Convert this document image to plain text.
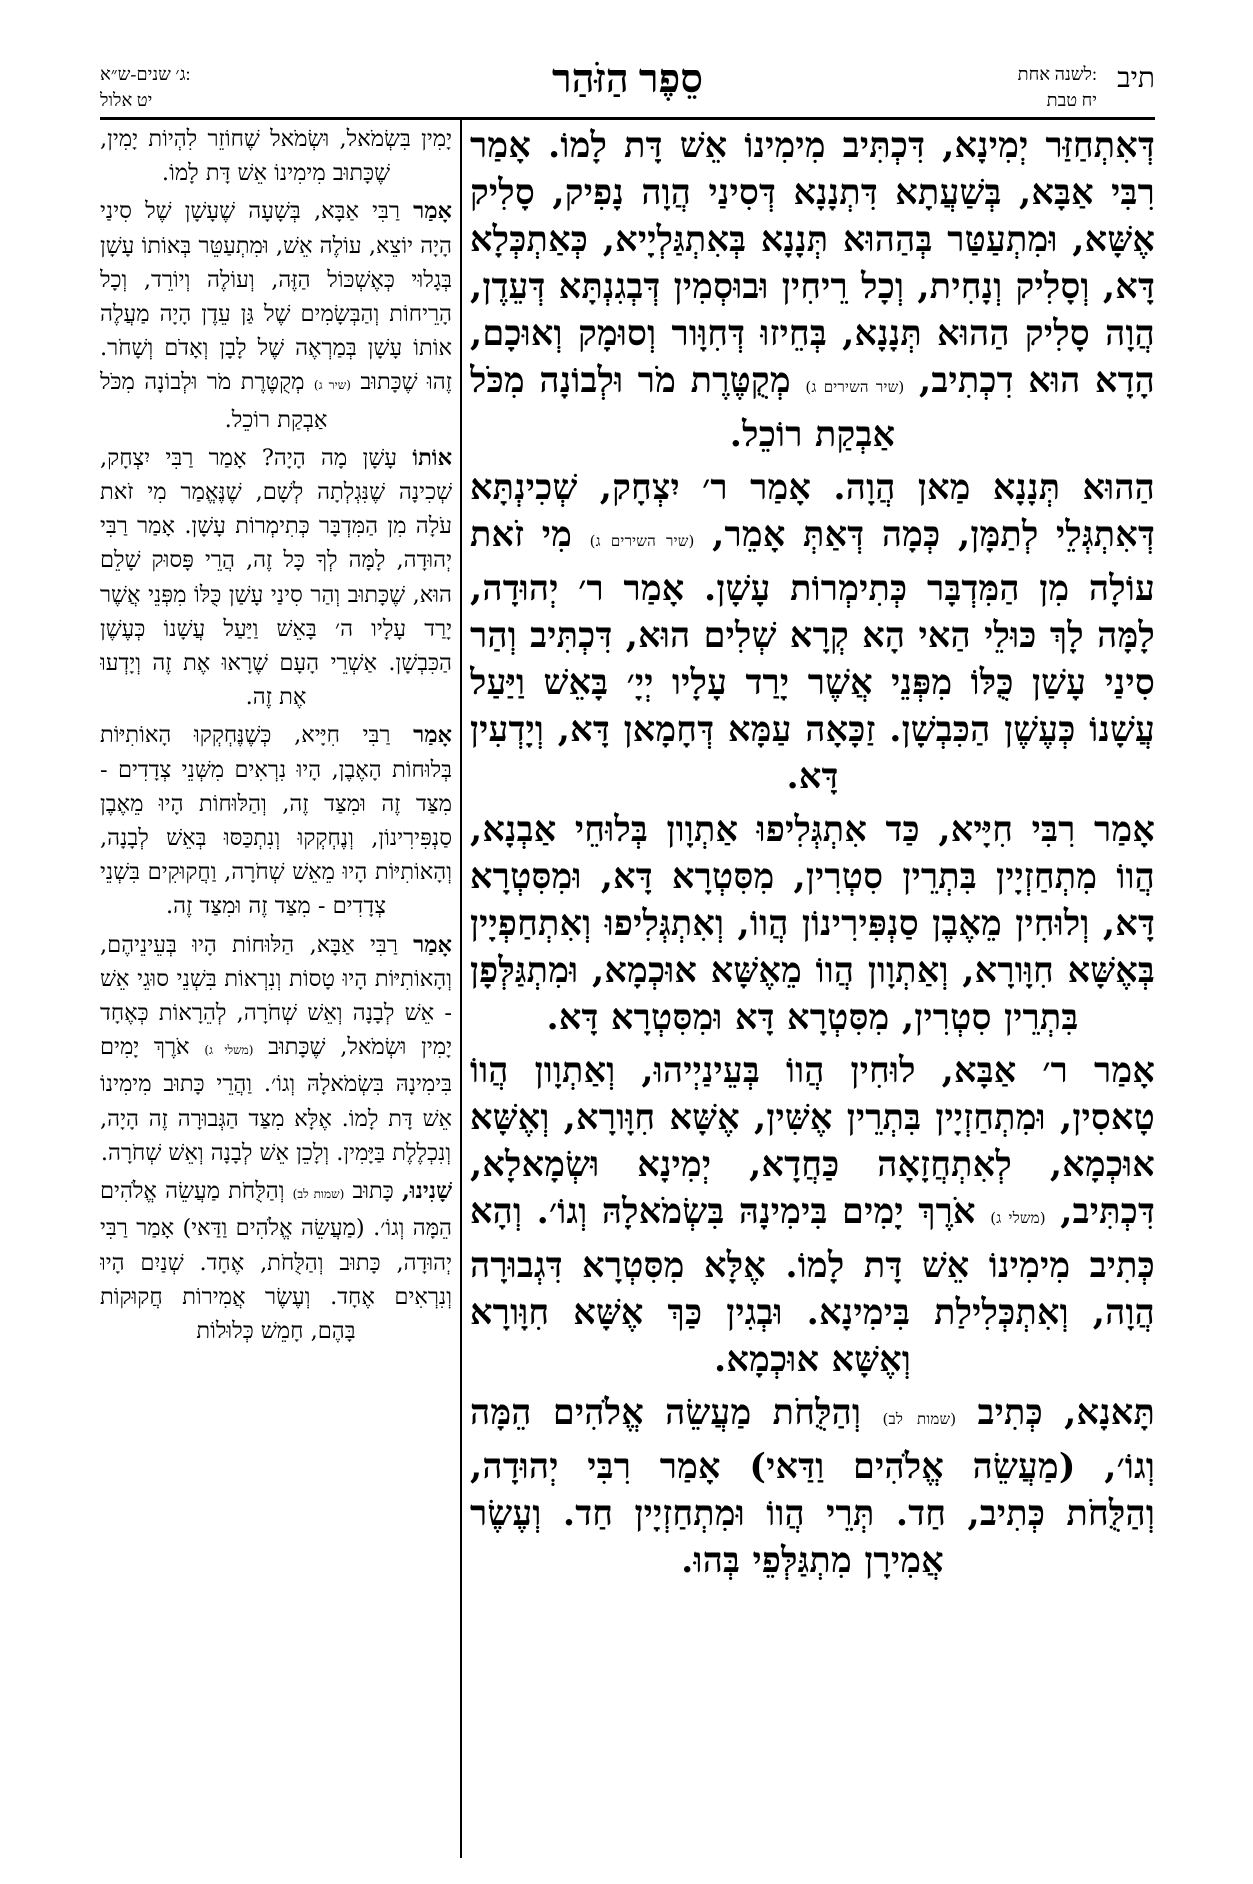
תיב
לשנה אחת:
יח טבת
סֵפֶר הַזֹּהַר
ג׳ שנים-ש״א:
יט אלול

דְּאִתְחַזַּר יְמִינָא, דִּכְתִּיב מִימִינוֹ אֵשׁ דָּת לָמוֹ. אָמַר רִבִּי אַבָּא, בְּשַׁעֲתָא דִּתְנָנָא דְּסִינַי הֲוָה נָפִיק, סָלִיק אֶשָּׁא, וּמִתְעַטַּר בְּהַהוּא תְּנָנָא בְּאִתְגַּלְיָיא, כְּאַתְכְּלָא דָּא, וְסָלִיק וְנָחִית, וְכָל רֵיחִין וּבוּסְמִין דְּבְגִנְתָּא דְּעֵדֶן, הֲוָה סָלִיק הַהוּא תְּנָנָא, בְּחֵיזוּ דְּחִוָּור וְסוּמָק וְאוּכָם, הָדָא הוּא דִכְתִיב, (שיר השירים ג) מְקֻטֶּרֶת מֹר וּלְבוֹנָה מִכֹּל אַבְקַת רוֹכֵל.

הַהוּא תְּנָנָא מַאן הֲוָה. אָמַר ר׳ יִצְחָק, שְׁכִינְתָּא דְּאִתְגְּלֵי לְתַמָּן, כְּמָה דְּאַתְּ אָמֵר, (שיר השירים ג) מִי זֹאת עוֹלָה מִן הַמִּדְבָּר כְּתִימְרוֹת עָשָׁן. אָמַר ר׳ יְהוּדָה, לָמָּה לָךְ כּוּלֵי הַאי הָא קְרָא שְׁלִים הוּא, דִּכְתִּיב וְהַר סִינַי עָשַׁן כֻּלּוֹ מִפְּנֵי אֲשֶׁר יָרַד עָלָיו יְיָ׳ בָּאֵשׁ וַיַּעַל עֲשָׁנוֹ כְּעֶשֶׁן הַכִּבְשָׁן. זַכָּאָה עַמָּא דְּחָמָאן דָּא, וְיָדְעִין דָּא.

אָמַר רִבִּי חִיָּיא, כַּד אִתְגְּלִיפוּ אַתְוָון בְּלוּחֵי אַבְנָא, הֲווֹ מִתְחַזְיָין בִּתְרֵין סִטְרִין, מִסִּטְרָא דָּא, וּמִסִּטְרָא דָּא, וְלוּחִין מֵאֶבֶן סַנְפִּירִינוֹן הֲווֹ, וְאִתְגְּלִיפוּ וְאִתְחַפְיָין בְּאֶשָּׁא חִוָּורָא, וְאַתְוָון הֲווֹ מֵאֶשָּׁא אוּכְמָא, וּמִתְגַּלְּפָן בִּתְרֵין סִטְרִין, מִסִּטְרָא דָּא וּמִסִּטְרָא דָּא.

אָמַר ר׳ אַבָּא, לוּחִין הֲווֹ בְּעֵינַיְיהוּ, וְאַתְוָון הֲווֹ טָאסִין, וּמִתְחַזְיָין בִּתְרֵין אֶשִּׁין, אֶשָּׁא חִוָּורָא, וְאֶשָּׁא אוּכְמָא, לְאִתְחֲזָאָה כַּחֲדָא, יְמִינָא וּשְׂמָאלָא, דִּכְתִּיב, (משלי ג) אֹרֶךְ יָמִים בִּימִינָהּ בִּשְׂמֹאלָהּ וְגוֹ׳. וְהָא כְּתִיב מִימִינוֹ אֵשׁ דָּת לָמוֹ. אֶלָּא מִסִּטְרָא דִּגְבוּרָה הֲוָה, וְאִתְכְּלִילַת בִּימִינָא. וּבְגִין כַּךְ אֶשָּׁא חִוָּורָא וְאֶשָּׁא אוּכְמָא.

תָּאנָא, כְּתִיב (שמות לב) וְהַלֻּחֹת מַעֲשֵׂה אֱלֹהִים הֵמָּה וְגוֹ׳, (מַעֲשֵׂה אֱלֹהִים וַדַּאי) אָמַר רִבִּי יְהוּדָה, וְהַלֻּחֹת כְּתִיב, חַד. תְּרֵי הֲווֹ וּמִתְחַזְיָין חַד. וְעֶשֶׂר אֲמִירָן מִתְגַּלְּפֵי בְּהוּ.

יָמִין בִּשְׂמֹאל, וּשְׂמֹאל שֶׁחוֹזֵר לִהְיוֹת יָמִין, שֶׁכָּתוּב מִימִינוֹ אֵשׁ דָּת לָמוֹ.

אָמַר רַבִּי אַבָּא, בְּשָׁעָה שֶׁעָשָׁן שֶׁל סִינַי הָיָה יוֹצֵא, עוֹלֶה אֵשׁ, וּמִתְעַטֵּר בְּאוֹתוֹ עָשָׁן בְּגָלוּי כְּאֶשְׁכּוֹל הַזֶּה, וְעוֹלֶה וְיוֹרֵד, וְכָל הָרֵיחוֹת וְהַבְּשָׂמִים שֶׁל גַּן עֵדֶן הָיָה מַעֲלֶה אוֹתוֹ עָשָׁן בְּמַרְאֶה שֶׁל לָבָן וְאָדֹם וְשָׁחֹר. זֶהוּ שֶׁכָּתוּב (שיר ג) מְקֻטֶּרֶת מֹר וּלְבוֹנָה מִכֹּל אַבְקַת רוֹכֵל.

אוֹתוֹ עָשָׁן מָה הָיָה? אָמַר רַבִּי יִצְחָק, שְׁכִינָה שֶׁנִּגְלְתָה לְשָׁם, שֶׁנֶּאֱמַר מִי זֹאת עֹלָה מִן הַמִּדְבָּר כְּתִימְרוֹת עָשָׁן. אָמַר רַבִּי יְהוּדָה, לָמָּה לְךָ כָּל זֶה, הֲרֵי פָּסוּק שָׁלֵם הוּא, שֶׁכָּתוּב וְהַר סִינַי עָשַׁן כֻּלּוֹ מִפְּנֵי אֲשֶׁר יָרַד עָלָיו ה׳ בָּאֵשׁ וַיַּעַל עֲשָׁנוֹ כְּעֶשֶׁן הַכִּבְשָׁן. אַשְׁרֵי הָעָם שֶׁרָאוּ אֶת זֶה וְיָדְעוּ אֶת זֶה.

אָמַר רַבִּי חִיָּיא, כְּשֶׁנֶּחְקְקוּ הָאוֹתִיּוֹת בְּלוּחוֹת הָאֶבֶן, הָיוּ נִרְאִים מִשְּׁנֵי צְדָדִים - מִצַּד זֶה וּמִצַּד זֶה, וְהַלּוּחוֹת הָיוּ מֵאֶבֶן סַנְפִּירִינוֹן, וְנֶחְקְקוּ וְנִתְכַּסּוּ בְּאֵשׁ לְבָנָה, וְהָאוֹתִיּוֹת הָיוּ מֵאֵשׁ שְׁחֹרָה, וַחֲקוּקִים בִּשְׁנֵי צְדָדִים - מִצַּד זֶה וּמִצַּד זֶה.

אָמַר רַבִּי אַבָּא, הַלּוּחוֹת הָיוּ בְּעֵינֵיהֶם, וְהָאוֹתִיּוֹת הָיוּ טָסוֹת וְנִרְאוֹת בִּשְׁנֵי סוּגֵי אֵשׁ - אֵשׁ לְבָנָה וְאֵשׁ שְׁחֹרָה, לְהֵרָאוֹת כְּאֶחָד יָמִין וּשְׂמֹאל, שֶׁכָּתוּב (משלי ג) אֹרֶךְ יָמִים בִּימִינָהּ בִּשְׂמֹאלָהּ וְגוֹ׳. וַהֲרֵי כָּתוּב מִימִינוֹ אֵשׁ דָּת לָמוֹ. אֶלָּא מִצַּד הַגְּבוּרָה זֶה הָיָה, וְנִכְלֶלֶת בַּיָּמִין. וְלָכֵן אֵשׁ לְבָנָה וְאֵשׁ שְׁחֹרָה.

שָׁנִינוּ, כָּתוּב (שמות לב) וְהַלֻּחֹת מַעֲשֵׂה אֱלֹהִים הֵמָּה וְגוֹ׳. (מַעֲשֵׂה אֱלֹהִים וַדַּאי) אָמַר רַבִּי יְהוּדָה, כָּתוּב וְהַלֻּחֹת, אֶחָד. שְׁנַיִם הָיוּ וְנִרְאִים אֶחָד. וְעֶשֶׂר אֲמִירוֹת חֲקוּקוֹת בָּהֶם, חָמֵשׁ כְּלוּלוֹת
